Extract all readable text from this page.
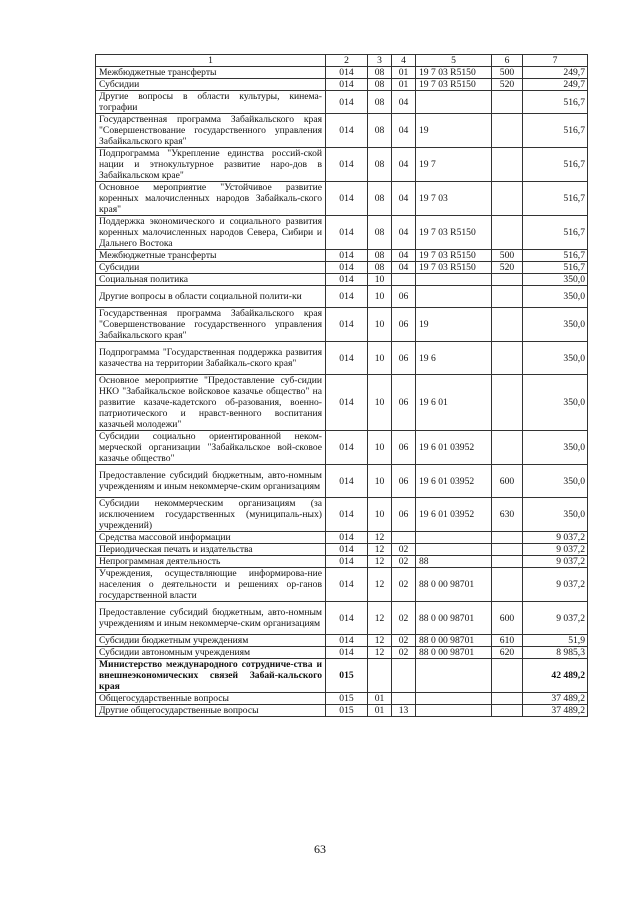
1	2	3	4	5	6	7
Межбюджетные трансферты	014	08	01	19 7 03 R5150	500	249,7
Субсидии	014	08	01	19 7 03 R5150	520	249,7
Другие вопросы в области культуры, кинема-тографии	014	08	04			516,7
Государственная программа Забайкальского края "Совершенствование государственного управления Забайкальского края"	014	08	04	19		516,7
Подпрограмма "Укрепление единства россий-ской нации и этнокультурное развитие наро-дов в Забайкальском крае"	014	08	04	19 7		516,7
Основное мероприятие "Устойчивое развитие коренных малочисленных народов Забайкаль-ского края"	014	08	04	19 7 03		516,7
Поддержка экономического и социального развития коренных малочисленных народов Севера, Сибири и Дальнего Востока	014	08	04	19 7 03 R5150		516,7
Межбюджетные трансферты	014	08	04	19 7 03 R5150	500	516,7
Субсидии	014	08	04	19 7 03 R5150	520	516,7
Социальная политика	014	10				350,0
Другие вопросы в области социальной полити-ки	014	10	06			350,0
Государственная программа Забайкальского края "Совершенствование государственного управления Забайкальского края"	014	10	06	19		350,0
Подпрограмма "Государственная поддержка развития казачества на территории Забайкаль-ского края"	014	10	06	19 6		350,0
Основное мероприятие "Предоставление суб-сидии НКО "Забайкальское войсковое казачье общество" на развитие казаче-кадетского об-разования, военно-патриотического и нравст-венного воспитания казачьей молодежи"	014	10	06	19 6 01		350,0
Субсидии социально ориентированной неком-мерческой организации "Забайкальское вой-сковое казачье общество"	014	10	06	19 6 01 03952		350,0
Предоставление субсидий бюджетным, авто-номным учреждениям и иным некоммерче-ским организациям	014	10	06	19 6 01 03952	600	350,0
Субсидии некоммерческим организациям (за исключением государственных (муниципаль-ных) учреждений)	014	10	06	19 6 01 03952	630	350,0
Средства массовой информации	014	12				9 037,2
Периодическая печать и издательства	014	12	02			9 037,2
Непрограммная деятельность	014	12	02	88		9 037,2
Учреждения, осуществляющие информирова-ние населения о деятельности и решениях ор-ганов государственной власти	014	12	02	88 0 00 98701		9 037,2
Предоставление субсидий бюджетным, авто-номным учреждениям и иным некоммерче-ским организациям	014	12	02	88 0 00 98701	600	9 037,2
Субсидии бюджетным учреждениям	014	12	02	88 0 00 98701	610	51,9
Субсидии автономным учреждениям	014	12	02	88 0 00 98701	620	8 985,3
Министерство международного сотрудниче-ства и внешнеэкономических связей Забай-кальского края	015					42 489,2
Общегосударственные вопросы	015	01				37 489,2
Другие общегосударственные вопросы	015	01	13			37 489,2
63
